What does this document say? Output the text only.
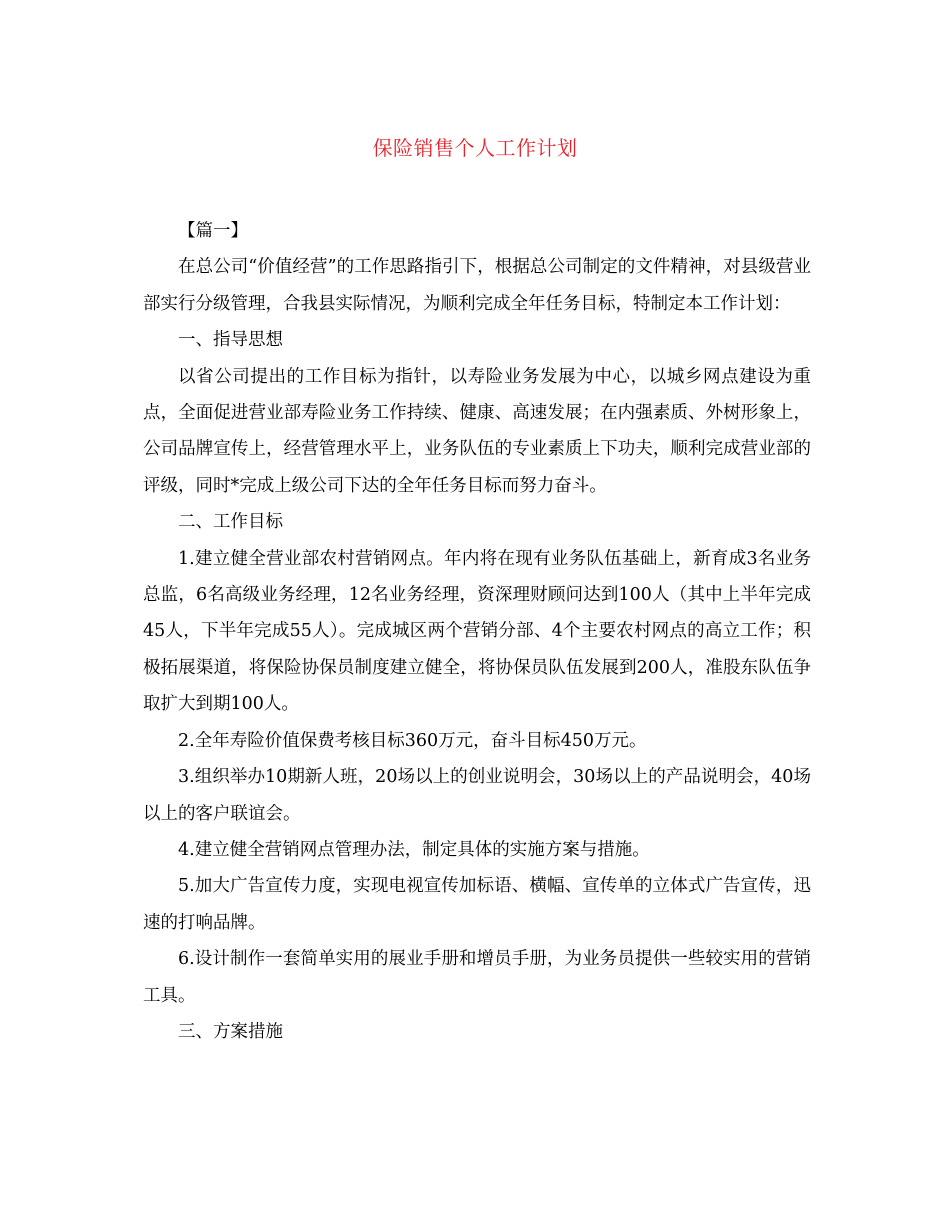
保险销售个人工作计划

【篇一】

在总公司“价值经营”的工作思路指引下，根据总公司制定的文件精神，对县级营业部实行分级管理，合我县实际情况，为顺利完成全年任务目标，特制定本工作计划：

一、指导思想

以省公司提出的工作目标为指针，以寿险业务发展为中心，以城乡网点建设为重点，全面促进营业部寿险业务工作持续、健康、高速发展；在内强素质、外树形象上，公司品牌宣传上，经营管理水平上，业务队伍的专业素质上下功夫，顺利完成营业部的评级，同时*完成上级公司下达的全年任务目标而努力奋斗。

二、工作目标

1.建立健全营业部农村营销网点。年内将在现有业务队伍基础上，新育成3名业务总监，6名高级业务经理，12名业务经理，资深理财顾问达到100人（其中上半年完成45人，下半年完成55人）。完成城区两个营销分部、4个主要农村网点的高立工作；积极拓展渠道，将保险协保员制度建立健全，将协保员队伍发展到200人，准股东队伍争取扩大到期100人。

2.全年寿险价值保费考核目标360万元，奋斗目标450万元。

3.组织举办10期新人班，20场以上的创业说明会，30场以上的产品说明会，40场以上的客户联谊会。

4.建立健全营销网点管理办法，制定具体的实施方案与措施。

5.加大广告宣传力度，实现电视宣传加标语、横幅、宣传单的立体式广告宣传，迅速的打响品牌。

6.设计制作一套简单实用的展业手册和增员手册，为业务员提供一些较实用的营销工具。

三、方案措施
